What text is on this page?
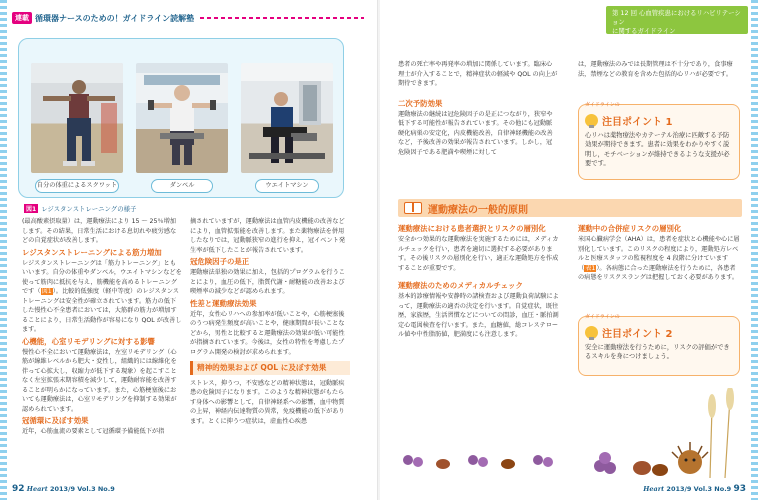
連載 循環器ナースのための！ガイドライン読解塾
自分の体重によるスクワット	ダンベル	ウエイトマシン
図1 レジスタンストレーニングの様子

(最高酸素摂取量）は，運動療法により 15 ～ 25％増加します。その結果，日常生活における息切れや疲労感などの自覚症状が改善します。

レジスタンストレーニングによる筋力増加

レジスタンストレーニングは「筋力トレーニング」ともいいます。自分の体重やダンベル，ウエイトマシンなどを使って筋肉に抵抗を与え，筋機能を高めるトレーニングです（図1）。比較的低強度（軽中等度）のレジスタンストレーニングは安全性が確立されています。筋力の低下した慢性心不全患者においては，大筋群の筋力が増加することにより，日常生活動作が容易になり QOL が改善します。

心機能，心室リモデリングに対する影響

慢性心不全において運動療法は，左室リモデリング（心筋が線維レベルから肥大・変性し，組織的には線維化を伴って心拡大し，収縮力が低下する現象）を起こすことなく左室拡張末期容積を減少して，運動耐容能を改善することが明らかになっています。また，心筋梗塞後においても運動療法は，心室リモデリングを抑制する効果が認められています。

冠循環に及ぼす効果

近年，心筋血流の要素として冠循環予備能低下が指

摘されていますが，運動療法は血管内皮機能の改善などにより，血管拡張能を改善します。また薬物療法を併用したなりでは，冠動脈狭窄の進行を抑え，冠イベント発生率が低下したことが報告されています。

冠危険因子の是正

運動療法単独の効果に加え，包括的プログラムを行うことにより，血圧の低下，脂質代謝・耐糖能の改善および喫煙率の減少などが認められます。

性差と運動療法効果

近年，女性心リハへの参加率が低いことや，心筋梗塞後のうつ病発生頻度が高いことや，健康期間が長いことなどから，男性と比較すると運動療法の効果が低い可能性が指摘されています。今後は，女性の特性を考慮したプログラム開発の検討が求められます。

精神的効果および QOL に及ぼす効果

ストレス，抑うつ，不安感などの精神状態は，冠動脈疾患の危険因子になります。このような精神状態がもたらす身体への影響として，自律神経系への影響，血中物質の上昇，神経内伝達物質の異常，免疫機能の低下があります。とくに抑うつ症状は，虚血性心疾患

92 Heart 2013/9 Vol.3 No.9
第 12 回 心血管疾患におけるリハビリテーション
に関するガイドライン

患者の死亡率や再発率の増加に関係しています。臨床心理士が介入することで，精神症状の軽減や QOL の向上が期待できます。

二次予防効果

運動療法の継続は冠危険因子の是正につながり，狭窄や低下する可能性が報告されています。その他にも冠動脈硬化病巣の安定化，内皮機能改善，自律神経機能の改善など，予後改善の効果が報告されています。しかし，冠危険因子である肥満や喫煙に対して

は，運動療法のみでは長期管理は不十分であり，食事療法，禁煙などの教育を含めた包括的心リハが必要です。

ガイドラインの
注目ポイント 1
心リハは薬物療法やカテーテル治療に匹敵する予防効果が期待できます。患者に効果をわかりやすく説明し，モチベーションが維持できるような支援が必要です。
運動療法の一般的原則
運動療法における患者選択とリスクの層別化

安全かつ効果的な運動療法を実施するためには，メディカルチェックを行い，患者を適切に選択する必要があります。その後リスクの層別化を行い，適正な運動処方を作成することが重要です。

運動療法のためのメディカルチェック

基本的診療情報や安静時の諸検査および運動負荷試験によって，運動療法の適否の決定を行います。自覚症状，既往歴，家族歴，生活習慣などについての問診，血圧・脈拍測定心電図検査を行います。また，血糖値，総コレステロール値や中性脂肪値，肥満度にも注意します。

運動中の合併症リスクの層別化

米国心臓病学会（AHA）は，患者を症状と心機能や心に層別化しています。このリスクの程度により，運動処方レベルと医療スタッフの監視程度を 4 段階に分けています（表1）。各病態に合った運動療法を行うために，各患者の病態をリスクスラングは把握しておく必要があります。

ガイドラインの
注目ポイント 2
安全に運動療法を行うために，リスクの評価ができるスキルを身につけましょう。
Heart 2013/9 Vol.3 No.9 93
